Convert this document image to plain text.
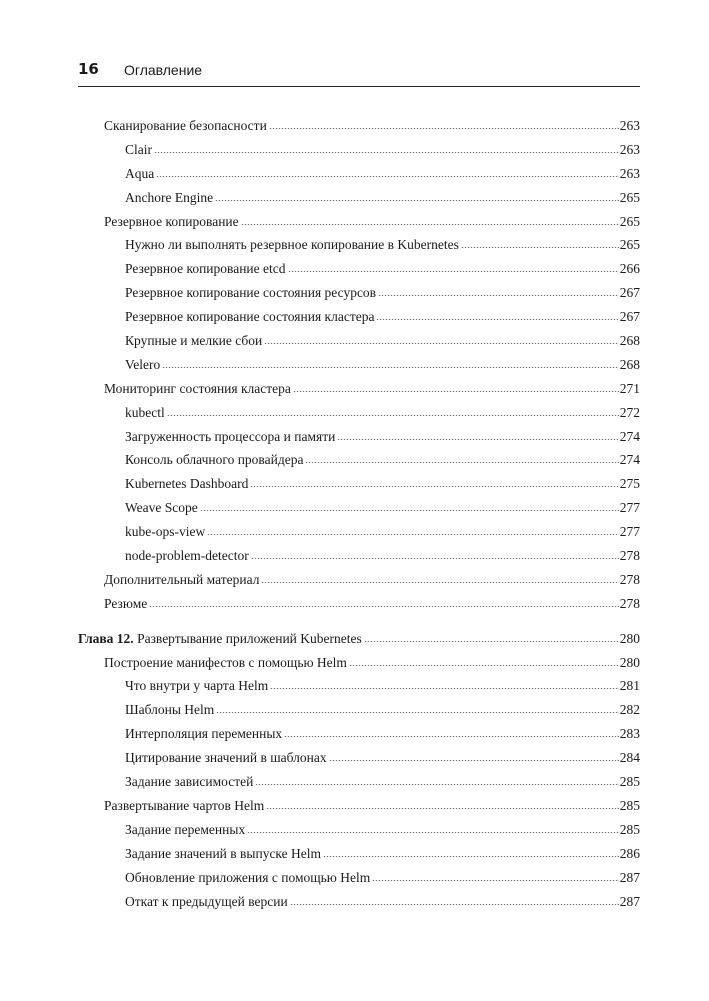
16 Оглавление
Сканирование безопасности	263
Clair	263
Aqua	263
Anchore Engine	265
Резервное копирование	265
Нужно ли выполнять резервное копирование в Kubernetes	265
Резервное копирование etcd	266
Резервное копирование состояния ресурсов	267
Резервное копирование состояния кластера	267
Крупные и мелкие сбои	268
Velero	268
Мониторинг состояния кластера	271
kubectl	272
Загруженность процессора и памяти	274
Консоль облачного провайдера	274
Kubernetes Dashboard	275
Weave Scope	277
kube-ops-view	277
node-problem-detector	278
Дополнительный материал	278
Резюме	278
Глава 12. Развертывание приложений Kubernetes	280
Построение манифестов с помощью Helm	280
Что внутри у чарта Helm	281
Шаблоны Helm	282
Интерполяция переменных	283
Цитирование значений в шаблонах	284
Задание зависимостей	285
Развертывание чартов Helm	285
Задание переменных	285
Задание значений в выпуске Helm	286
Обновление приложения с помощью Helm	287
Откат к предыдущей версии	287
